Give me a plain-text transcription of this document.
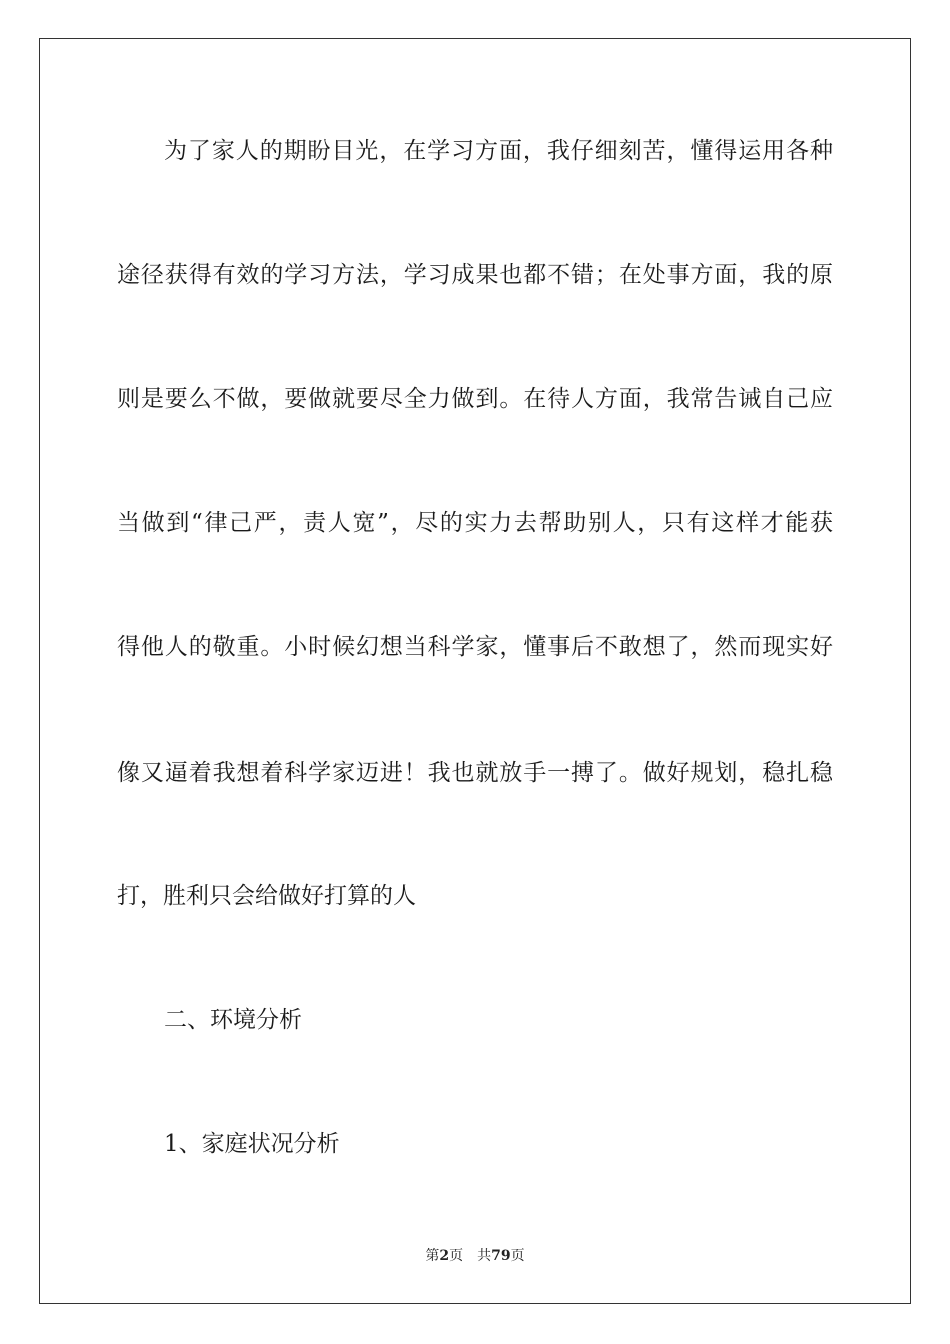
为了家人的期盼目光，在学习方面，我仔细刻苦，懂得运用各种
途径获得有效的学习方法，学习成果也都不错；在处事方面，我的原
则是要么不做，要做就要尽全力做到。在待人方面，我常告诫自己应
当做到“律己严，责人宽”，尽的实力去帮助别人，只有这样才能获
得他人的敬重。小时候幻想当科学家，懂事后不敢想了，然而现实好
像又逼着我想着科学家迈进！我也就放手一搏了。做好规划，稳扎稳
打，胜利只会给做好打算的人
二、环境分析
1、家庭状况分析
第2页 共79页
